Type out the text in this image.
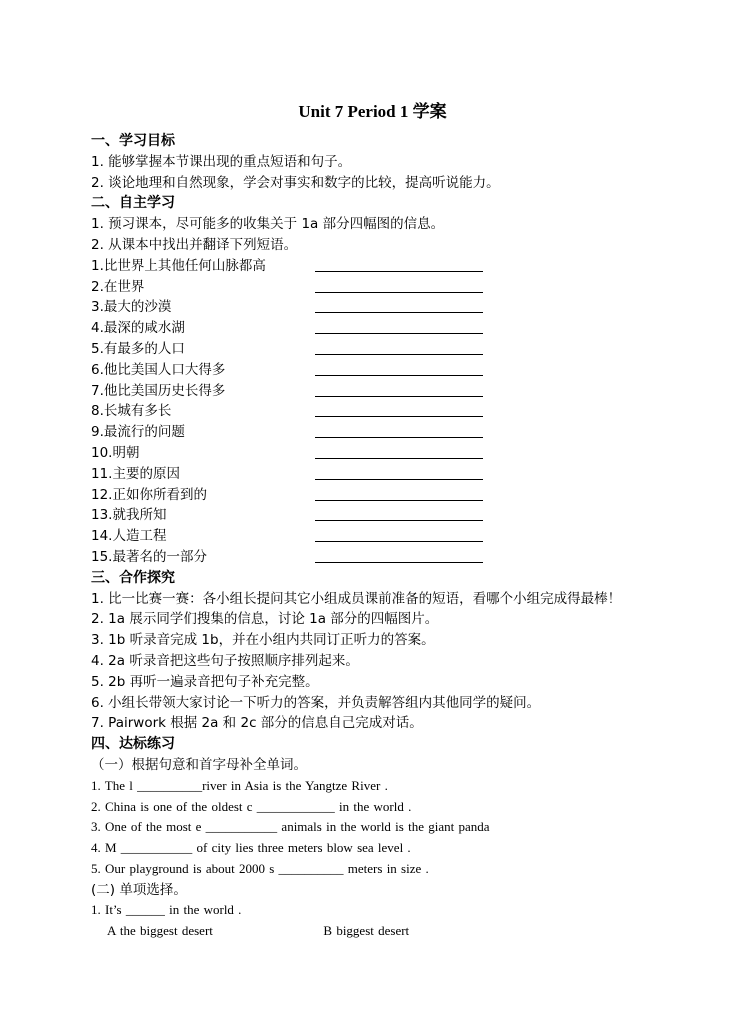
Unit 7 Period 1 学案
一、学习目标
1. 能够掌握本节课出现的重点短语和句子。
2. 谈论地理和自然现象，学会对事实和数字的比较，提高听说能力。
二、自主学习
1. 预习课本，尽可能多的收集关于 1a 部分四幅图的信息。
2. 从课本中找出并翻译下列短语。
1.比世界上其他任何山脉都高
2.在世界
3.最大的沙漠
4.最深的咸水湖
5.有最多的人口
6.他比美国人口大得多
7.他比美国历史长得多
8.长城有多长
9.最流行的问题
10.明朝
11.主要的原因
12.正如你所看到的
13.就我所知
14.人造工程
15.最著名的一部分
三、合作探究
1. 比一比赛一赛：各小组长提问其它小组成员课前准备的短语，看哪个小组完成得最棒！
2. 1a 展示同学们搜集的信息，讨论 1a 部分的四幅图片。
3. 1b 听录音完成 1b，并在小组内共同订正听力的答案。
4. 2a 听录音把这些句子按照顺序排列起来。
5. 2b 再听一遍录音把句子补充完整。
6. 小组长带领大家讨论一下听力的答案，并负责解答组内其他同学的疑问。
7. Pairwork 根据 2a 和 2c 部分的信息自己完成对话。
四、达标练习
（一）根据句意和首字母补全单词。
1. The l __________river in Asia is the Yangtze River .
2. China is one of the oldest c ____________ in the world .
3. One of the most e ___________ animals in the world is the giant panda
4. M ___________ of city lies three meters blow sea level .
5. Our playground is about 2000 s __________ meters in size .
(二) 单项选择。
1. It’s ______ in the world .
A the biggest desert                          B biggest desert
